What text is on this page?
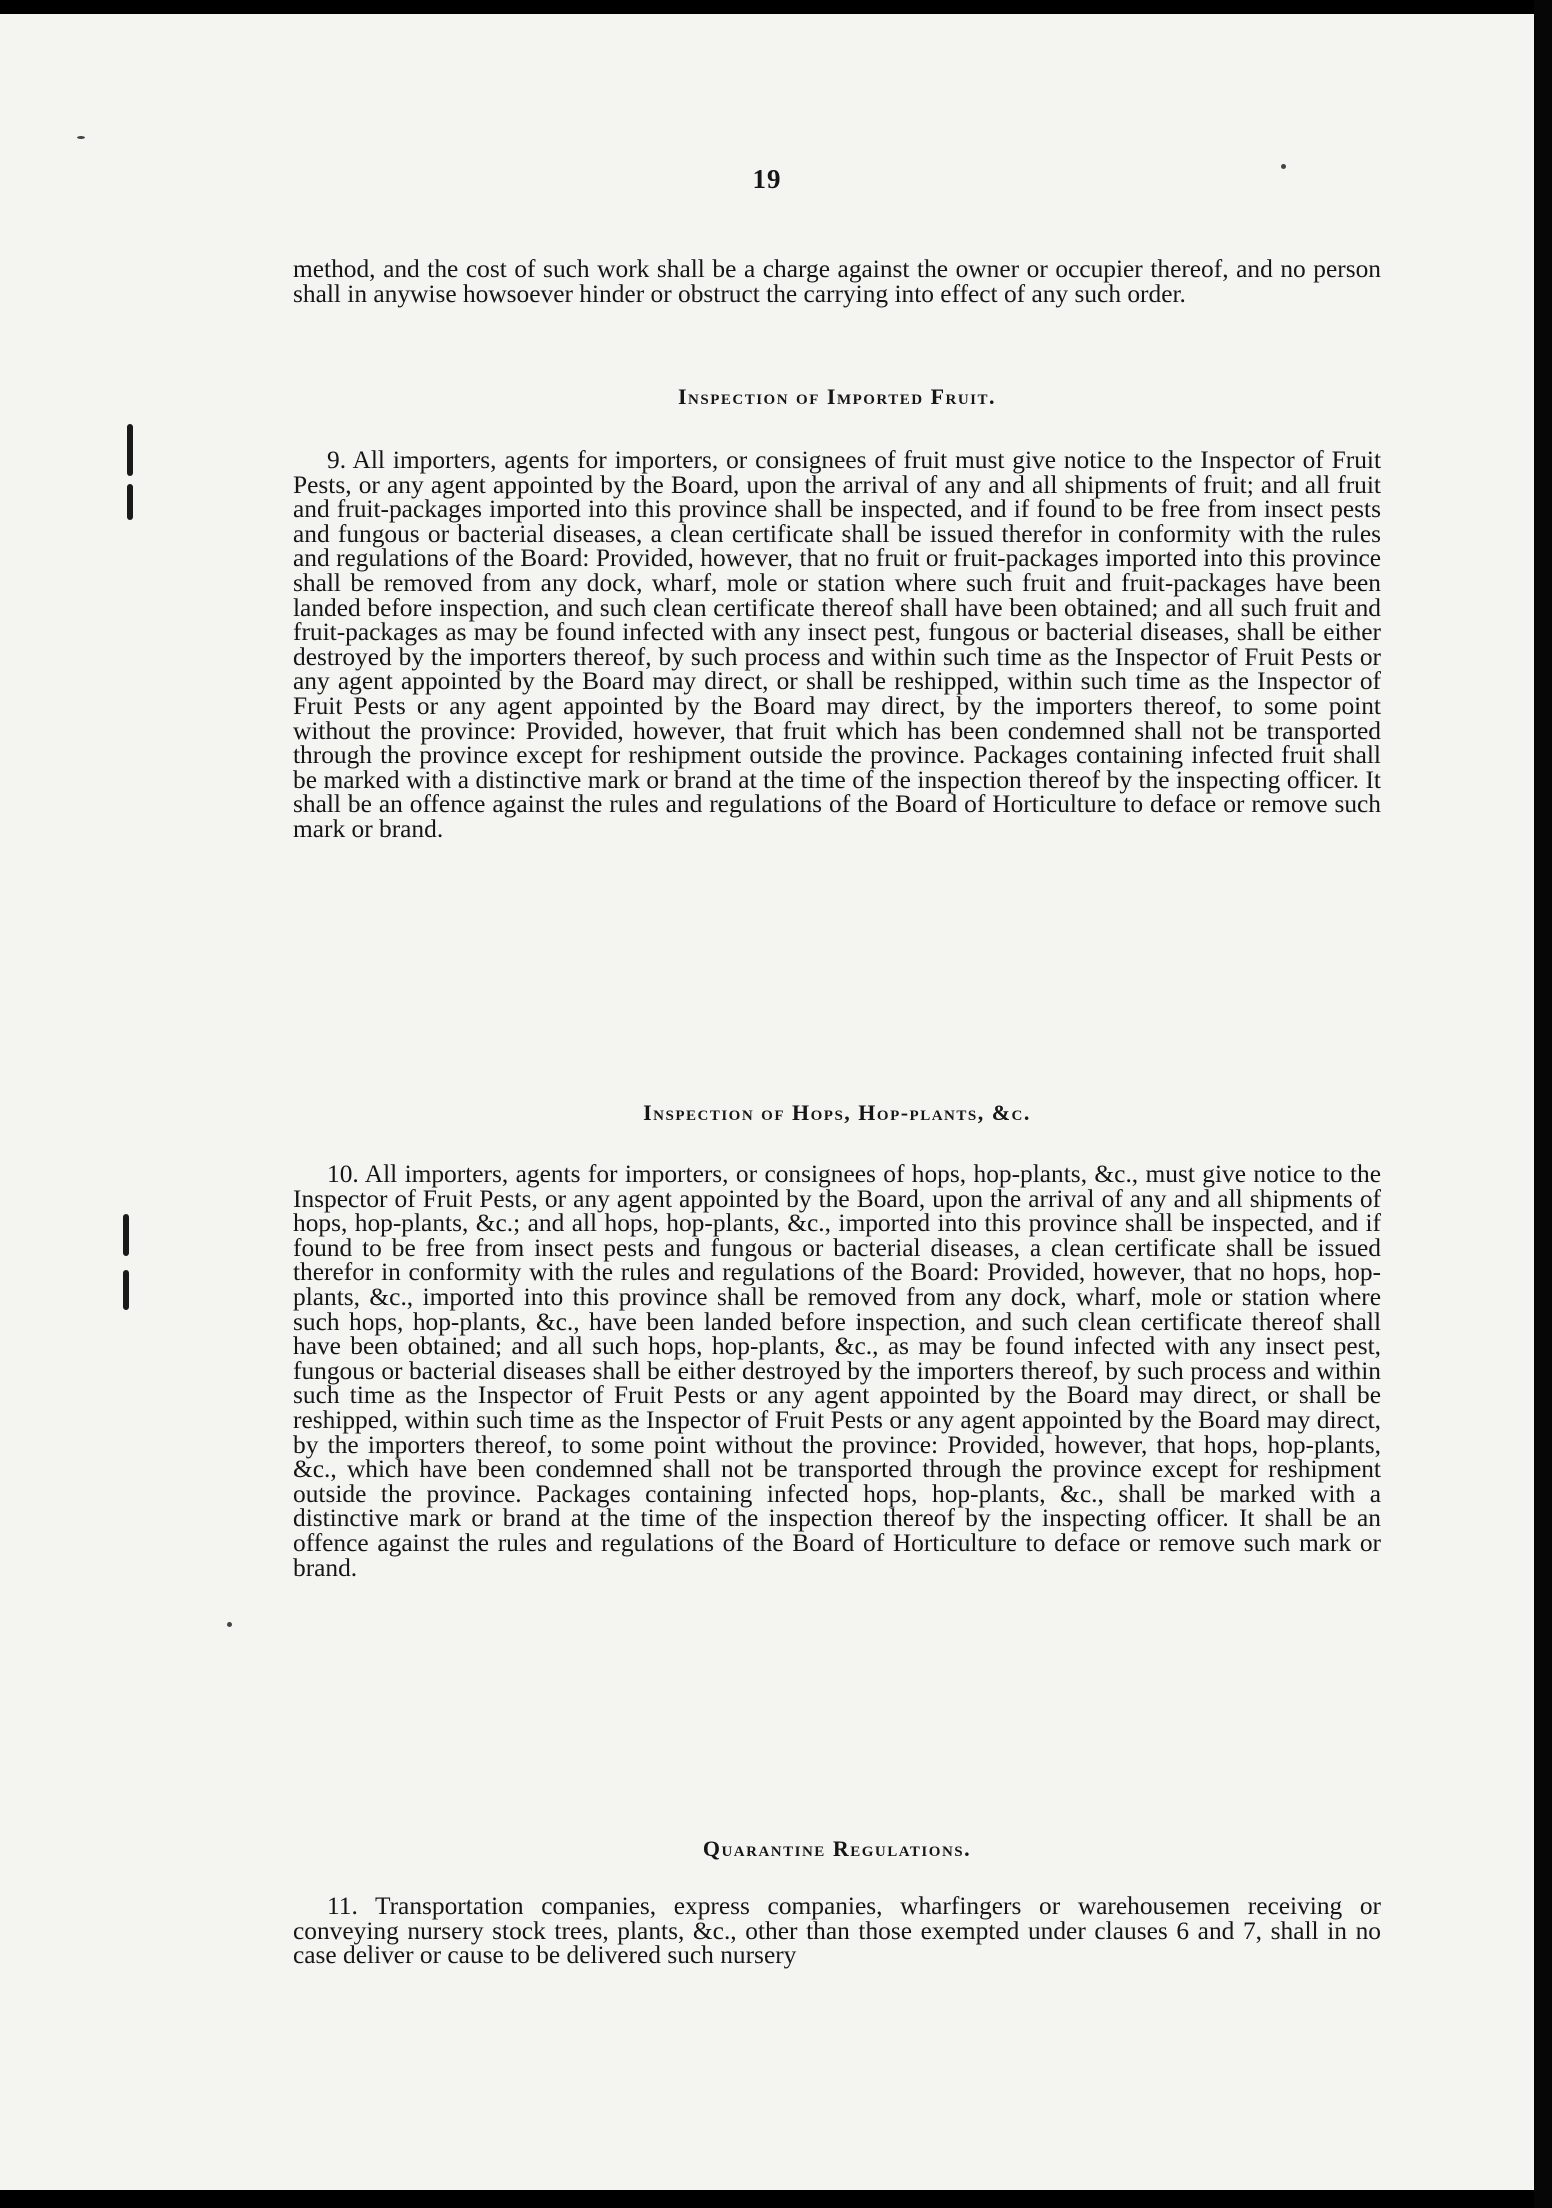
19

method, and the cost of such work shall be a charge against the owner or occupier thereof, and no person shall in anywise howsoever hinder or obstruct the carrying into effect of any such order.

Inspection of Imported Fruit.

9. All importers, agents for importers, or consignees of fruit must give notice to the Inspector of Fruit Pests, or any agent appointed by the Board, upon the arrival of any and all shipments of fruit; and all fruit and fruit-packages imported into this province shall be inspected, and if found to be free from insect pests and fungous or bacterial diseases, a clean certificate shall be issued therefor in conformity with the rules and regulations of the Board: Provided, however, that no fruit or fruit-packages imported into this province shall be removed from any dock, wharf, mole or station where such fruit and fruit-packages have been landed before inspection, and such clean certificate thereof shall have been obtained; and all such fruit and fruit-packages as may be found infected with any insect pest, fungous or bacterial diseases, shall be either destroyed by the importers thereof, by such process and within such time as the Inspector of Fruit Pests or any agent appointed by the Board may direct, or shall be reshipped, within such time as the Inspector of Fruit Pests or any agent appointed by the Board may direct, by the importers thereof, to some point without the province: Provided, however, that fruit which has been condemned shall not be transported through the province except for reshipment outside the province. Packages containing infected fruit shall be marked with a distinctive mark or brand at the time of the inspection thereof by the inspecting officer. It shall be an offence against the rules and regulations of the Board of Horticulture to deface or remove such mark or brand.

Inspection of Hops, Hop-plants, &c.

10. All importers, agents for importers, or consignees of hops, hop-plants, &c., must give notice to the Inspector of Fruit Pests, or any agent appointed by the Board, upon the arrival of any and all shipments of hops, hop-plants, &c.; and all hops, hop-plants, &c., imported into this province shall be inspected, and if found to be free from insect pests and fungous or bacterial diseases, a clean certificate shall be issued therefor in conformity with the rules and regulations of the Board: Provided, however, that no hops, hop-plants, &c., imported into this province shall be removed from any dock, wharf, mole or station where such hops, hop-plants, &c., have been landed before inspection, and such clean certificate thereof shall have been obtained; and all such hops, hop-plants, &c., as may be found infected with any insect pest, fungous or bacterial diseases shall be either destroyed by the importers thereof, by such process and within such time as the Inspector of Fruit Pests or any agent appointed by the Board may direct, or shall be reshipped, within such time as the Inspector of Fruit Pests or any agent appointed by the Board may direct, by the importers thereof, to some point without the province: Provided, however, that hops, hop-plants, &c., which have been condemned shall not be transported through the province except for reshipment outside the province. Packages containing infected hops, hop-plants, &c., shall be marked with a distinctive mark or brand at the time of the inspection thereof by the inspecting officer. It shall be an offence against the rules and regulations of the Board of Horticulture to deface or remove such mark or brand.

Quarantine Regulations.

11. Transportation companies, express companies, wharfingers or warehousemen receiving or conveying nursery stock trees, plants, &c., other than those exempted under clauses 6 and 7, shall in no case deliver or cause to be delivered such nursery
